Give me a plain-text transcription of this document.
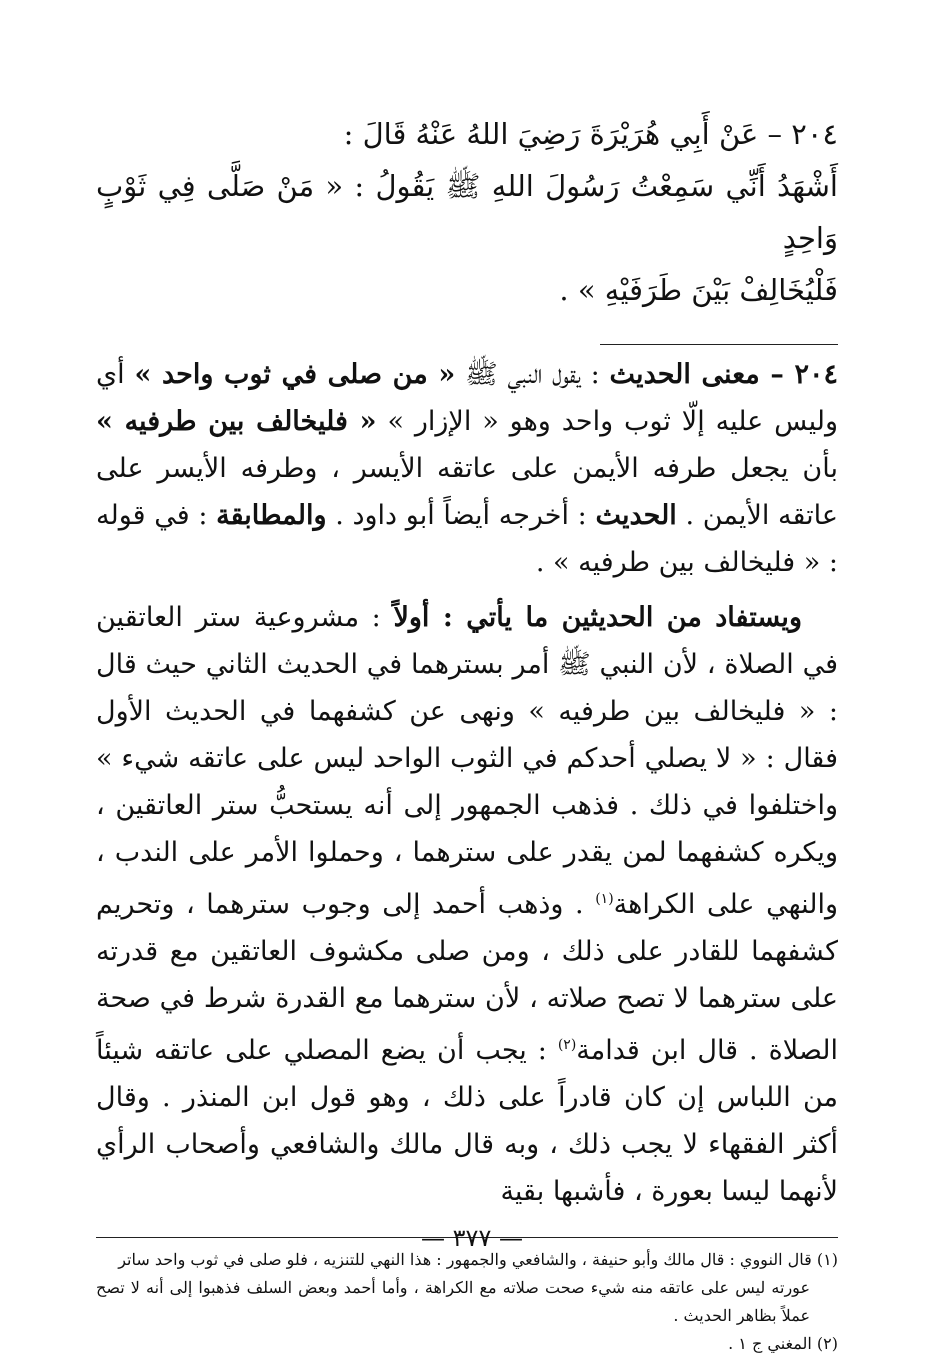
٢٠٤ – عَنْ أَبِي هُرَيْرَةَ رَضِيَ اللهُ عَنْهُ قَالَ :
أَشْهَدُ أَنِّي سَمِعْتُ رَسُولَ اللهِ ﷺ يَقُولُ : « مَنْ صَلَّى فِي ثَوْبٍ وَاحِدٍ
فَلْيُخَالِفْ بَيْنَ طَرَفَيْهِ » .

٢٠٤ – معنى الحديث : يقول النبي ﷺ « من صلى في ثوب واحد » أي وليس عليه إلّا ثوب واحد وهو « الإزار » « فليخالف بين طرفيه » بأن يجعل طرفه الأيمن على عاتقه الأيسر ، وطرفه الأيسر على عاتقه الأيمن . الحديث : أخرجه أيضاً أبو داود . والمطابقة : في قوله : « فليخالف بين طرفيه » .

ويستفاد من الحديثين ما يأتي : أولاً : مشروعية ستر العاتقين في الصلاة ، لأن النبي ﷺ أمر بسترهما في الحديث الثاني حيث قال : « فليخالف بين طرفيه » ونهى عن كشفهما في الحديث الأول فقال : « لا يصلي أحدكم في الثوب الواحد ليس على عاتقه شيء » واختلفوا في ذلك . فذهب الجمهور إلى أنه يستحبُّ ستر العاتقين ، ويكره كشفهما لمن يقدر على سترهما ، وحملوا الأمر على الندب ، والنهي على الكراهة$^{(١)}$ . وذهب أحمد إلى وجوب سترهما ، وتحريم كشفهما للقادر على ذلك ، ومن صلى مكشوف العاتقين مع قدرته على سترهما لا تصح صلاته ، لأن سترهما مع القدرة شرط في صحة الصلاة . قال ابن قدامة$^{(٢)}$ : يجب أن يضع المصلي على عاتقه شيئاً من اللباس إن كان قادراً على ذلك ، وهو قول ابن المنذر . وقال أكثر الفقهاء لا يجب ذلك ، وبه قال مالك والشافعي وأصحاب الرأي لأنهما ليسا بعورة ، فأشبها بقية

(١) قال النووي : قال مالك وأبو حنيفة ، والشافعي والجمهور : هذا النهي للتنزيه ، فلو صلى في ثوب واحد ساتر
عورته ليس على عاتقه منه شيء صحت صلاته مع الكراهة ، وأما أحمد وبعض السلف فذهبوا إلى أنه لا تصح عملاً بظاهر الحديث .

(٢) المغني ج ١ .

— ٣٧٧ —
